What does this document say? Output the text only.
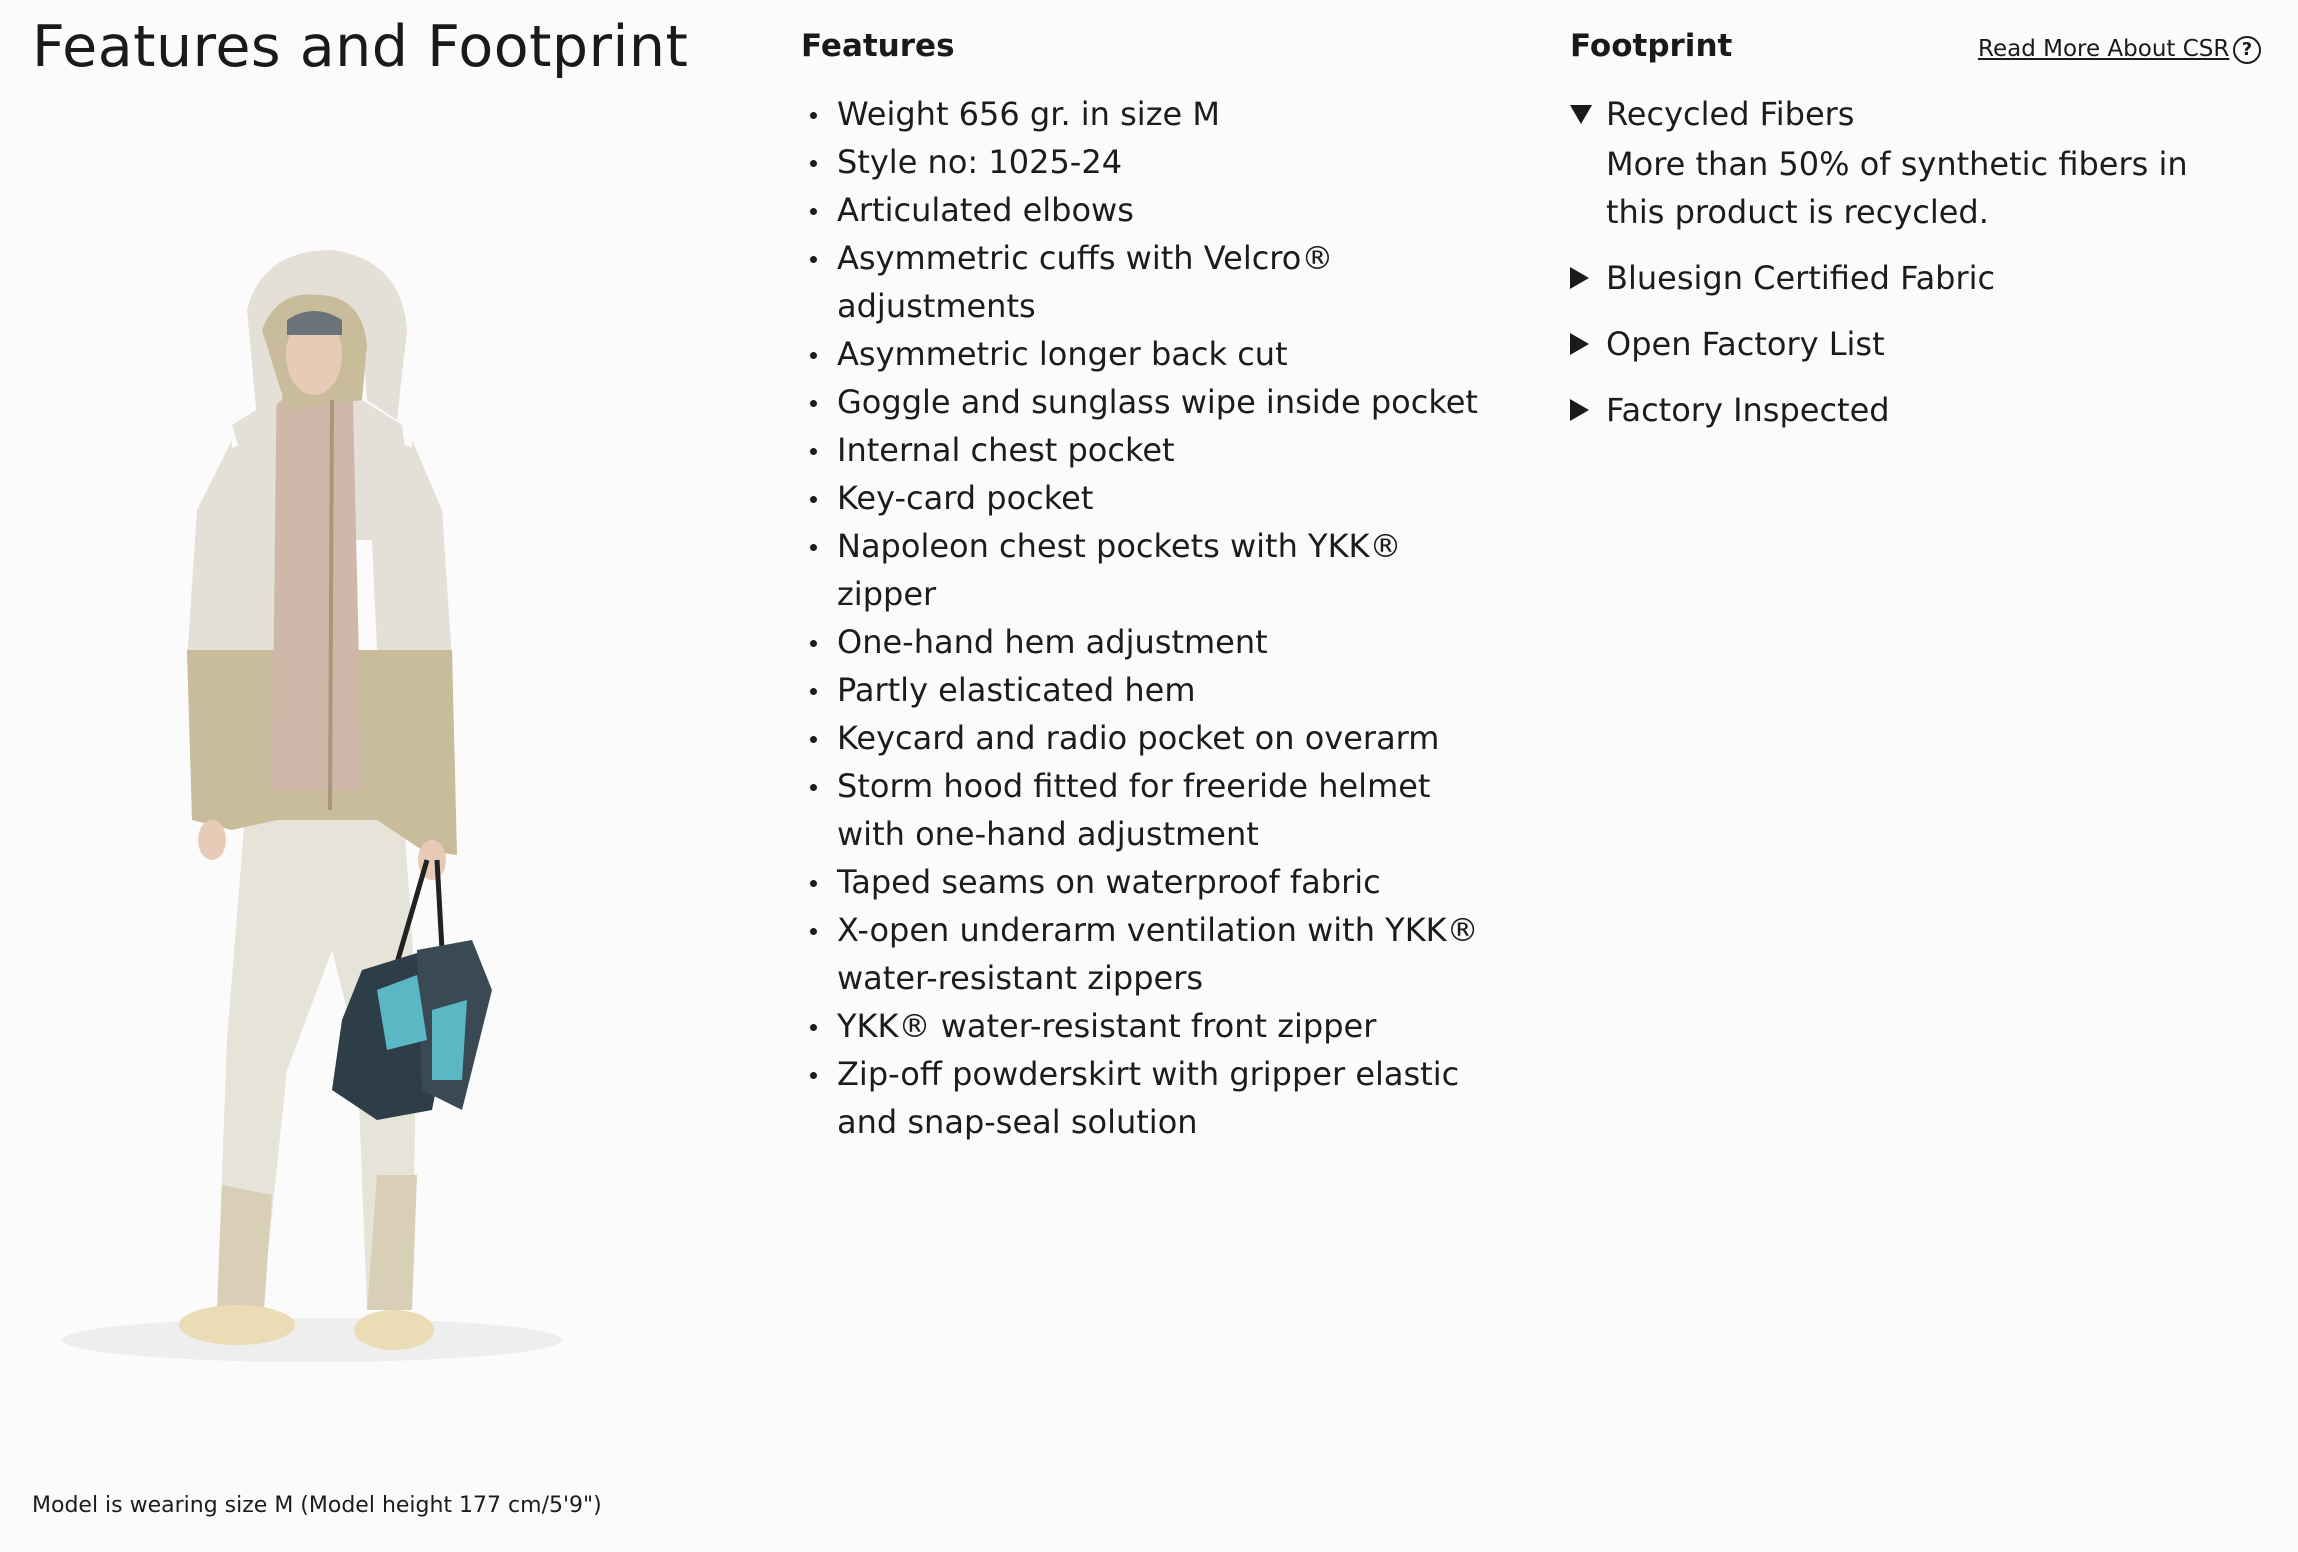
Features and Footprint
Model is wearing size M (Model height 177 cm/5'9")
Features
Weight 656 gr. in size M
Style no: 1025-24
Articulated elbows
Asymmetric cuffs with Velcro® adjustments
Asymmetric longer back cut
Goggle and sunglass wipe inside pocket
Internal chest pocket
Key-card pocket
Napoleon chest pockets with YKK® zipper
One-hand hem adjustment
Partly elasticated hem
Keycard and radio pocket on overarm
Storm hood fitted for freeride helmet with one-hand adjustment
Taped seams on waterproof fabric
X-open underarm ventilation with YKK® water-resistant zippers
YKK® water-resistant front zipper
Zip-off powderskirt with gripper elastic and snap-seal solution
Footprint	Read More About CSR ?
Recycled Fibers
More than 50% of synthetic fibers in this product is recycled.
Bluesign Certified Fabric
Open Factory List
Factory Inspected
